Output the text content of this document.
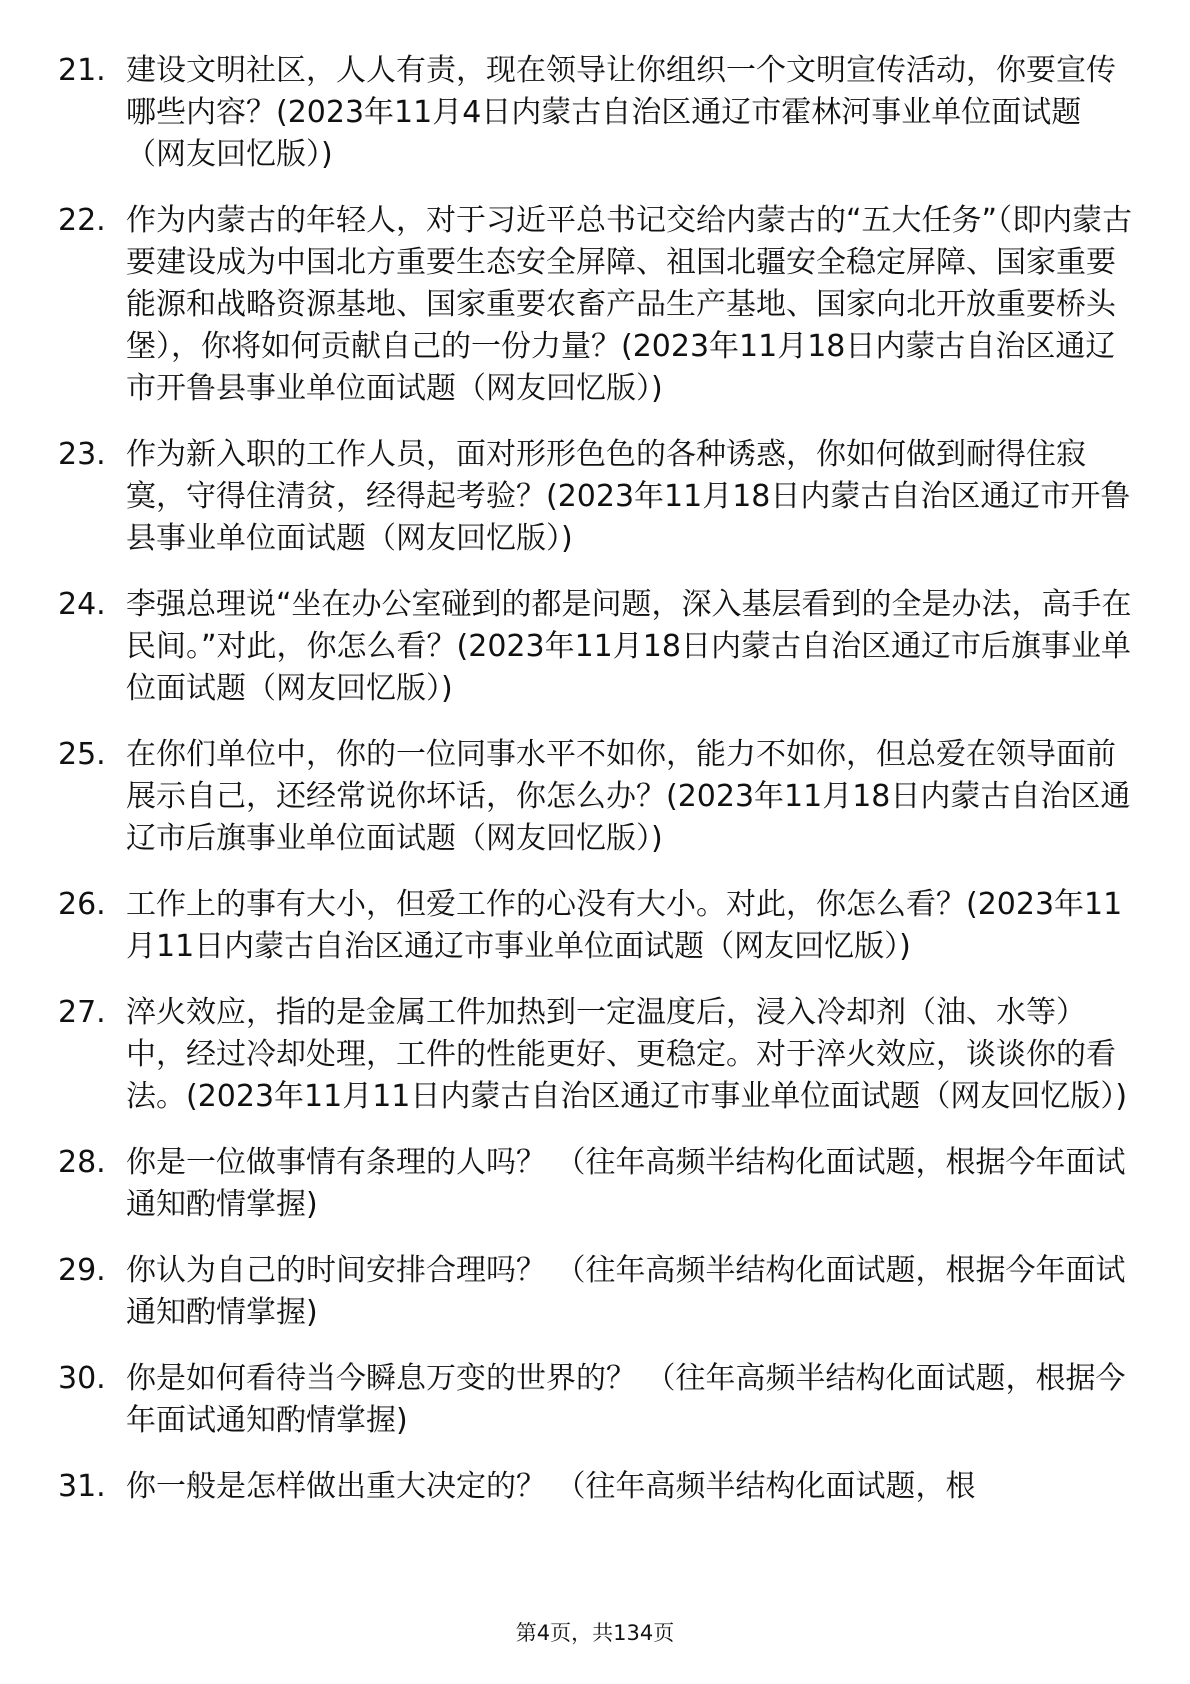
21. 建设文明社区，人人有责，现在领导让你组织一个文明宣传活动，你要宣传哪些内容？(2023年11月4日内蒙古自治区通辽市霍林河事业单位面试题（网友回忆版）)
22. 作为内蒙古的年轻人，对于习近平总书记交给内蒙古的“五大任务”（即内蒙古要建设成为中国北方重要生态安全屏障、祖国北疆安全稳定屏障、国家重要能源和战略资源基地、国家重要农畜产品生产基地、国家向北开放重要桥头堡），你将如何贡献自己的一份力量？(2023年11月18日内蒙古自治区通辽市开鲁县事业单位面试题（网友回忆版）)
23. 作为新入职的工作人员，面对形形色色的各种诱惑，你如何做到耐得住寂寞，守得住清贫，经得起考验？(2023年11月18日内蒙古自治区通辽市开鲁县事业单位面试题（网友回忆版）)
24. 李强总理说“坐在办公室碰到的都是问题，深入基层看到的全是办法，高手在民间。”对此，你怎么看？(2023年11月18日内蒙古自治区通辽市后旗事业单位面试题（网友回忆版）)
25. 在你们单位中，你的一位同事水平不如你，能力不如你，但总爱在领导面前展示自己，还经常说你坏话，你怎么办？(2023年11月18日内蒙古自治区通辽市后旗事业单位面试题（网友回忆版）)
26. 工作上的事有大小，但爱工作的心没有大小。对此，你怎么看？(2023年11月11日内蒙古自治区通辽市事业单位面试题（网友回忆版）)
27. 淬火效应，指的是金属工件加热到一定温度后，浸入冷却剂（油、水等）中，经过冷却处理，工件的性能更好、更稳定。对于淬火效应，谈谈你的看法。(2023年11月11日内蒙古自治区通辽市事业单位面试题（网友回忆版）)
28. 你是一位做事情有条理的人吗？ （往年高频半结构化面试题，根据今年面试通知酌情掌握)
29. 你认为自己的时间安排合理吗？ （往年高频半结构化面试题，根据今年面试通知酌情掌握)
30. 你是如何看待当今瞬息万变的世界的？ （往年高频半结构化面试题，根据今年面试通知酌情掌握)
31. 你一般是怎样做出重大决定的？ （往年高频半结构化面试题，根
第4页，共134页
